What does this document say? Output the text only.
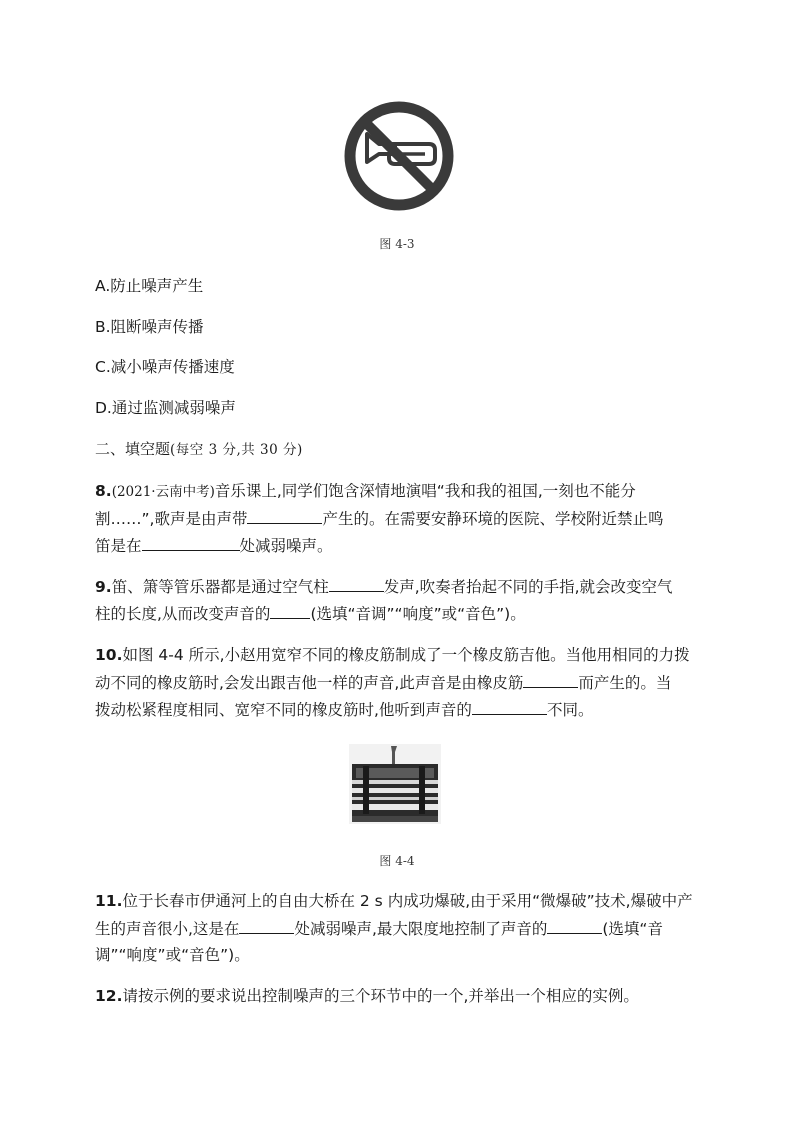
图 4-3
A.防止噪声产生
B.阻断噪声传播
C.减小噪声传播速度
D.通过监测减弱噪声
二、填空题(每空 3 分,共 30 分)
8.(2021·云南中考)音乐课上,同学们饱含深情地演唱“我和我的祖国,一刻也不能分
割……”,歌声是由声带	产生的。在需要安静环境的医院、学校附近禁止鸣
笛是在	处减弱噪声。
9.笛、箫等管乐器都是通过空气柱	发声,吹奏者抬起不同的手指,就会改变空气
柱的长度,从而改变声音的	(选填“音调”“响度”或“音色”)。
10.如图 4-4 所示,小赵用宽窄不同的橡皮筋制成了一个橡皮筋吉他。当他用相同的力拨
动不同的橡皮筋时,会发出跟吉他一样的声音,此声音是由橡皮筋	而产生的。当
拨动松紧程度相同、宽窄不同的橡皮筋时,他听到声音的	不同。
图 4-4
11.位于长春市伊通河上的自由大桥在 2 s 内成功爆破,由于采用“微爆破”技术,爆破中产
生的声音很小,这是在	处减弱噪声,最大限度地控制了声音的	(选填“音
调”“响度”或“音色”)。
12.请按示例的要求说出控制噪声的三个环节中的一个,并举出一个相应的实例。
